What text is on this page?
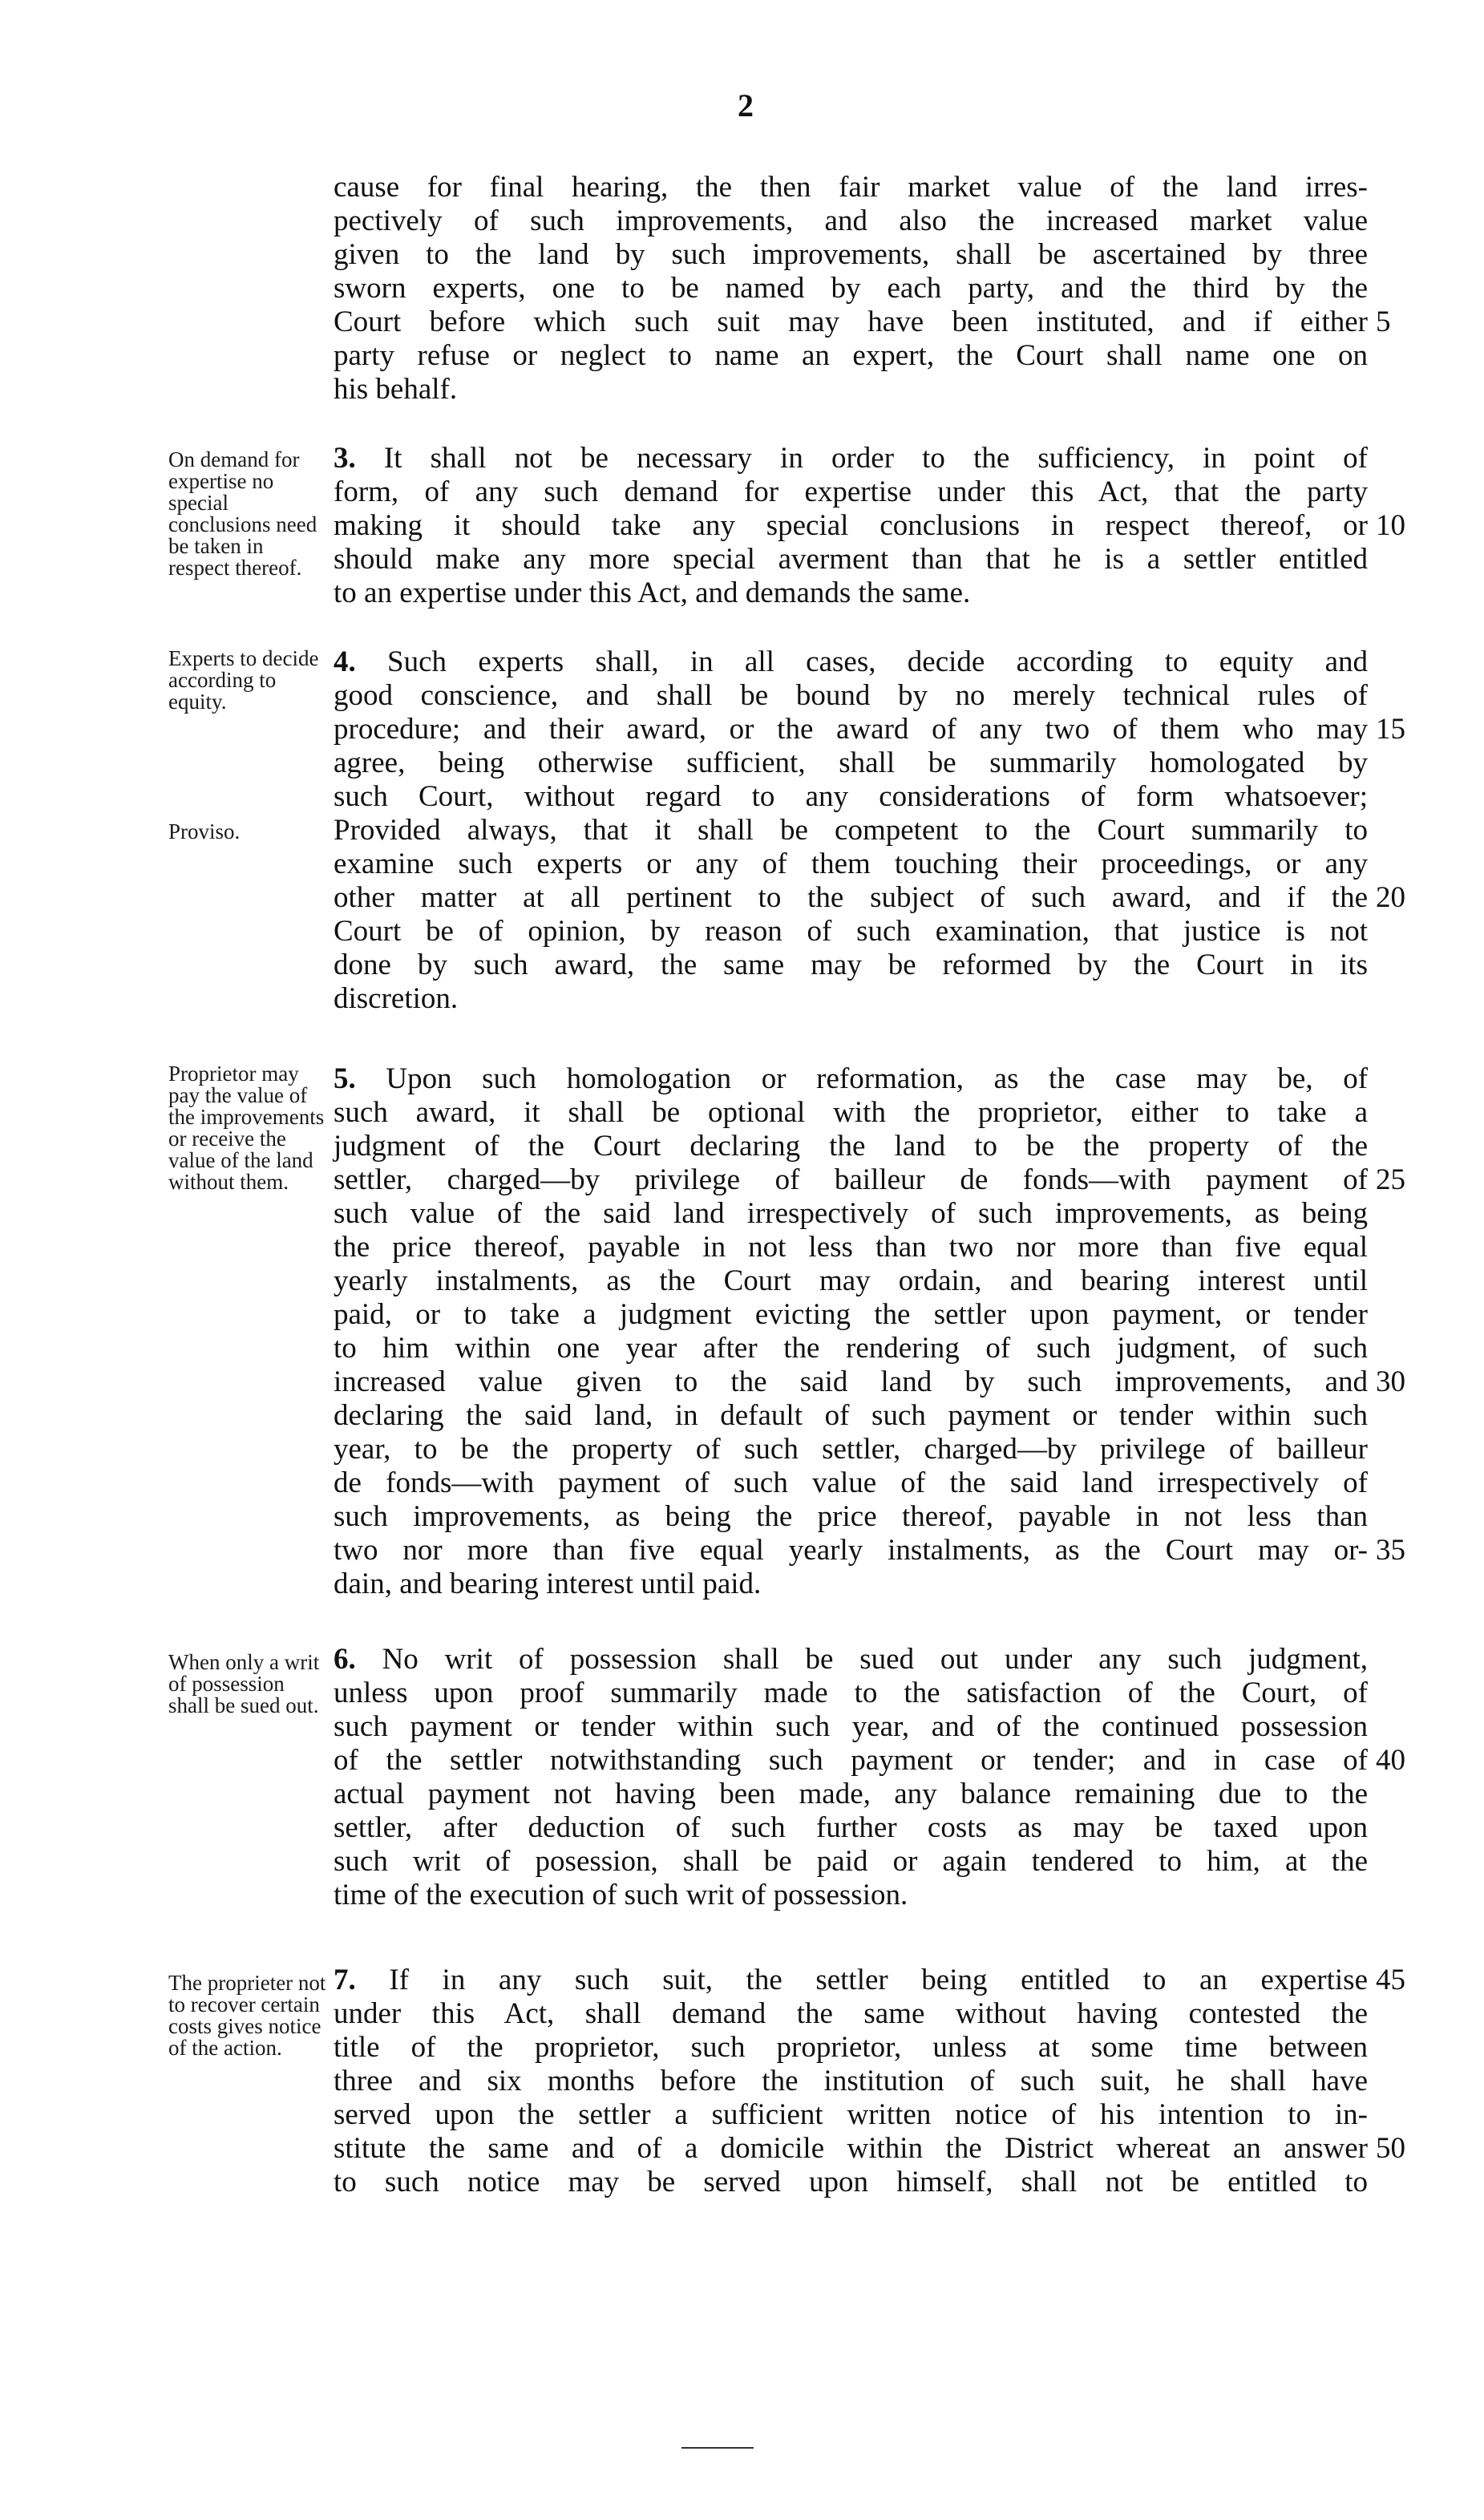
2
cause for final hearing, the then fair market value of the land irres-
pectively of such improvements, and also the increased market value
given to the land by such improvements, shall be ascertained by three
sworn experts, one to be named by each party, and the third by the
Court before which such suit may have been instituted, and if either
party refuse or neglect to name an expert, the Court shall name one on
his behalf.
On demand for expertise no special conclusions need be taken in respect thereof.
3. It shall not be necessary in order to the sufficiency, in point of
form, of any such demand for expertise under this Act, that the party
making it should take any special conclusions in respect thereof, or
should make any more special averment than that he is a settler entitled
to an expertise under this Act, and demands the same.
Experts to decide according to equity.
Proviso.
4. Such experts shall, in all cases, decide according to equity and
good conscience, and shall be bound by no merely technical rules of
procedure; and their award, or the award of any two of them who may
agree, being otherwise sufficient, shall be summarily homologated by
such Court, without regard to any considerations of form whatsoever;
Provided always, that it shall be competent to the Court summarily to
examine such experts or any of them touching their proceedings, or any
other matter at all pertinent to the subject of such award, and if the
Court be of opinion, by reason of such examination, that justice is not
done by such award, the same may be reformed by the Court in its
discretion.
Proprietor may pay the value of the improvements or receive the value of the land without them.
5. Upon such homologation or reformation, as the case may be, of
such award, it shall be optional with the proprietor, either to take a
judgment of the Court declaring the land to be the property of the
settler, charged—by privilege of bailleur de fonds—with payment of
such value of the said land irrespectively of such improvements, as being
the price thereof, payable in not less than two nor more than five equal
yearly instalments, as the Court may ordain, and bearing interest until
paid, or to take a judgment evicting the settler upon payment, or tender
to him within one year after the rendering of such judgment, of such
increased value given to the said land by such improvements, and
declaring the said land, in default of such payment or tender within such
year, to be the property of such settler, charged—by privilege of bailleur
de fonds—with payment of such value of the said land irrespectively of
such improvements, as being the price thereof, payable in not less than
two nor more than five equal yearly instalments, as the Court may or-
dain, and bearing interest until paid.
When only a writ of possession shall be sued out.
6. No writ of possession shall be sued out under any such judgment,
unless upon proof summarily made to the satisfaction of the Court, of
such payment or tender within such year, and of the continued possession
of the settler notwithstanding such payment or tender; and in case of
actual payment not having been made, any balance remaining due to the
settler, after deduction of such further costs as may be taxed upon
such writ of posession, shall be paid or again tendered to him, at the
time of the execution of such writ of possession.
The proprieter not to recover certain costs gives notice of the action.
7. If in any such suit, the settler being entitled to an expertise
under this Act, shall demand the same without having contested the
title of the proprietor, such proprietor, unless at some time between
three and six months before the institution of such suit, he shall have
served upon the settler a sufficient written notice of his intention to in-
stitute the same and of a domicile within the District whereat an answer
to such notice may be served upon himself, shall not be entitled to
5
10
15
20
25
30
35
40
45
50
